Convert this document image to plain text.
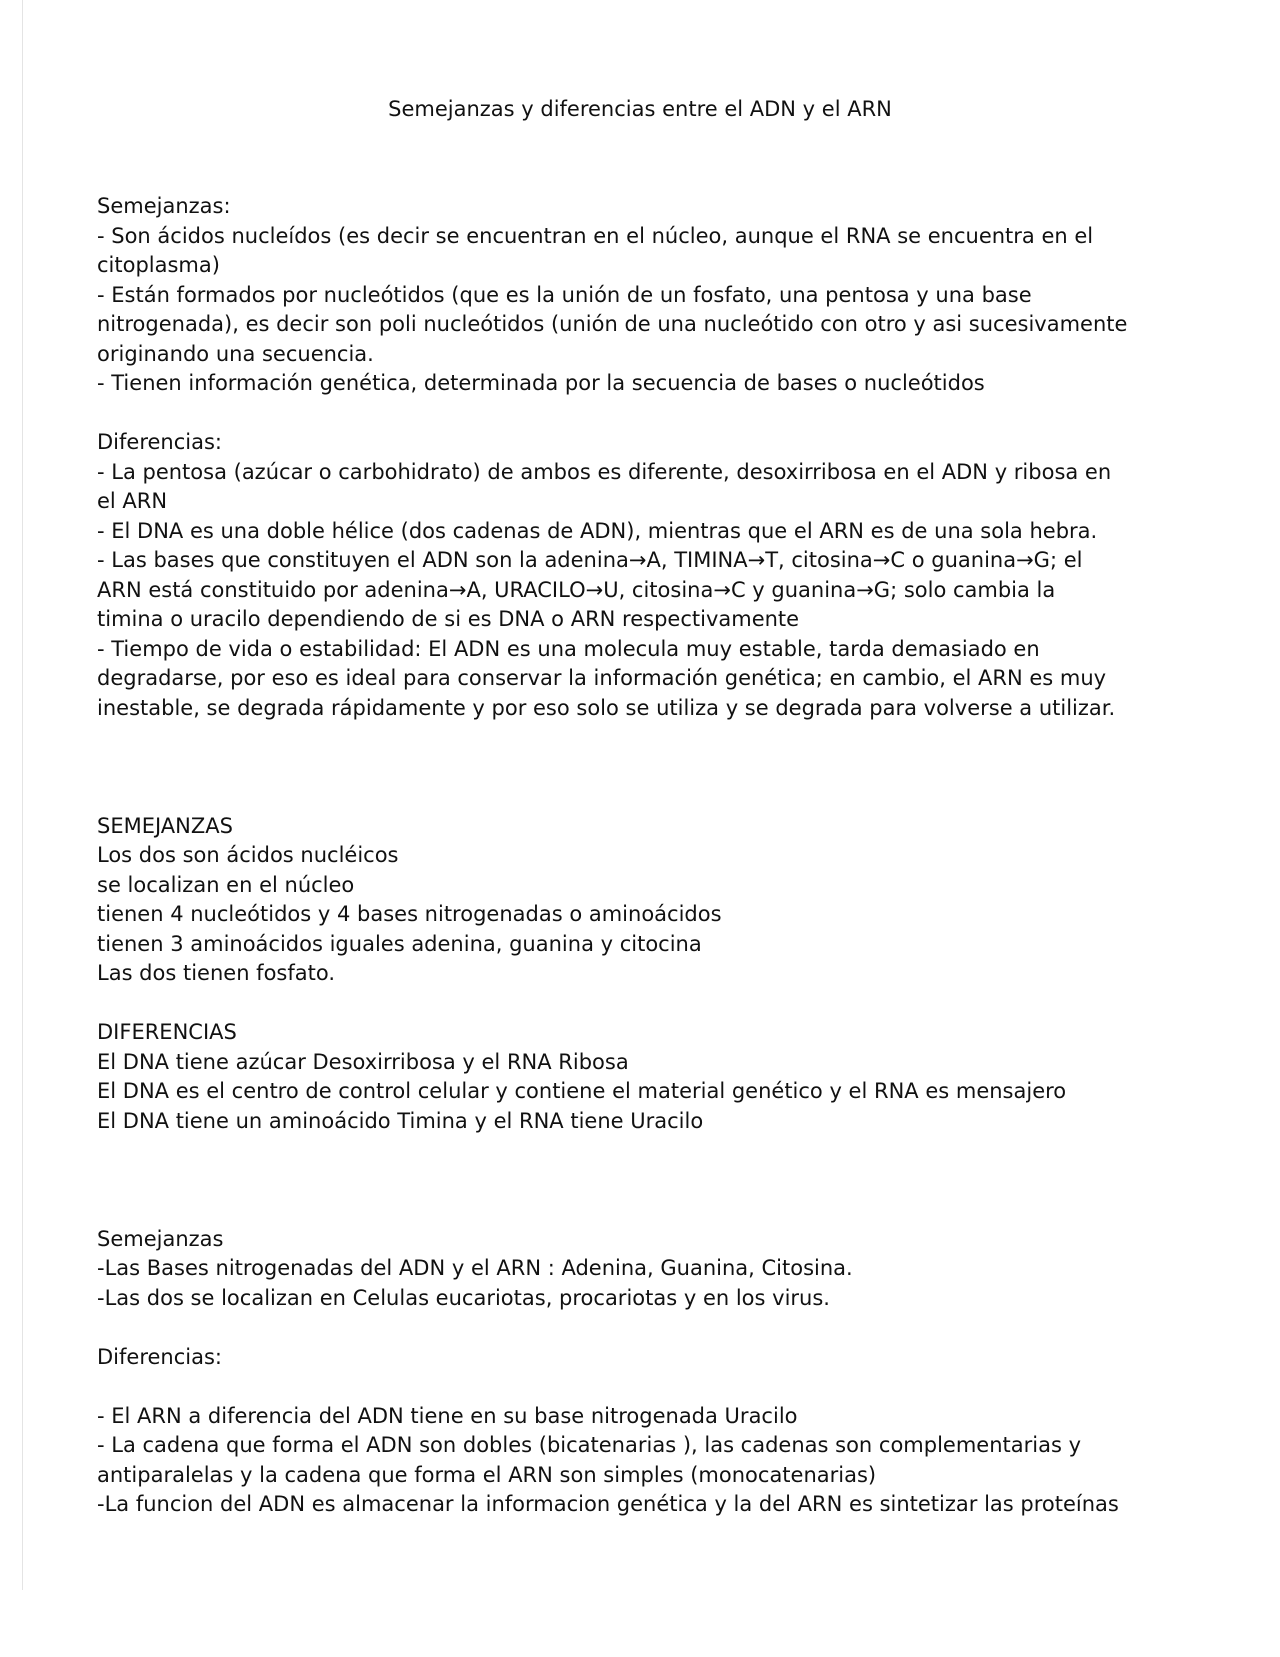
Semejanzas y diferencias entre el ADN y el ARN
Semejanzas:
- Son ácidos nucleídos (es decir se encuentran en el núcleo, aunque el RNA se encuentra en el
citoplasma)
- Están formados por nucleótidos (que es la unión de un fosfato, una pentosa y una base
nitrogenada), es decir son poli nucleótidos (unión de una nucleótido con otro y asi sucesivamente
originando una secuencia.
- Tienen información genética, determinada por la secuencia de bases o nucleótidos
Diferencias:
- La pentosa (azúcar o carbohidrato) de ambos es diferente, desoxirribosa en el ADN y ribosa en
el ARN
- El DNA es una doble hélice (dos cadenas de ADN), mientras que el ARN es de una sola hebra.
- Las bases que constituyen el ADN son la adenina→A, TIMINA→T, citosina→C o guanina→G; el
ARN está constituido por adenina→A, URACILO→U, citosina→C y guanina→G; solo cambia la
timina o uracilo dependiendo de si es DNA o ARN respectivamente
- Tiempo de vida o estabilidad: El ADN es una molecula muy estable, tarda demasiado en
degradarse, por eso es ideal para conservar la información genética; en cambio, el ARN es muy
inestable, se degrada rápidamente y por eso solo se utiliza y se degrada para volverse a utilizar.
SEMEJANZAS
Los dos son ácidos nucléicos
se localizan en el núcleo
tienen 4 nucleótidos y 4 bases nitrogenadas o aminoácidos
tienen 3 aminoácidos iguales adenina, guanina y citocina
Las dos tienen fosfato.
DIFERENCIAS
El DNA tiene azúcar Desoxirribosa y el RNA Ribosa
El DNA es el centro de control celular y contiene el material genético y el RNA es mensajero
El DNA tiene un aminoácido Timina y el RNA tiene Uracilo
Semejanzas
-Las Bases nitrogenadas del ADN y el ARN : Adenina, Guanina, Citosina.
-Las dos se localizan en Celulas eucariotas, procariotas y en los virus.
Diferencias:
- El ARN a diferencia del ADN tiene en su base nitrogenada Uracilo
- La cadena que forma el ADN son dobles (bicatenarias ), las cadenas son complementarias y
antiparalelas y la cadena que forma el ARN son simples (monocatenarias)
-La funcion del ADN es almacenar la informacion genética y la del ARN es sintetizar las proteínas
